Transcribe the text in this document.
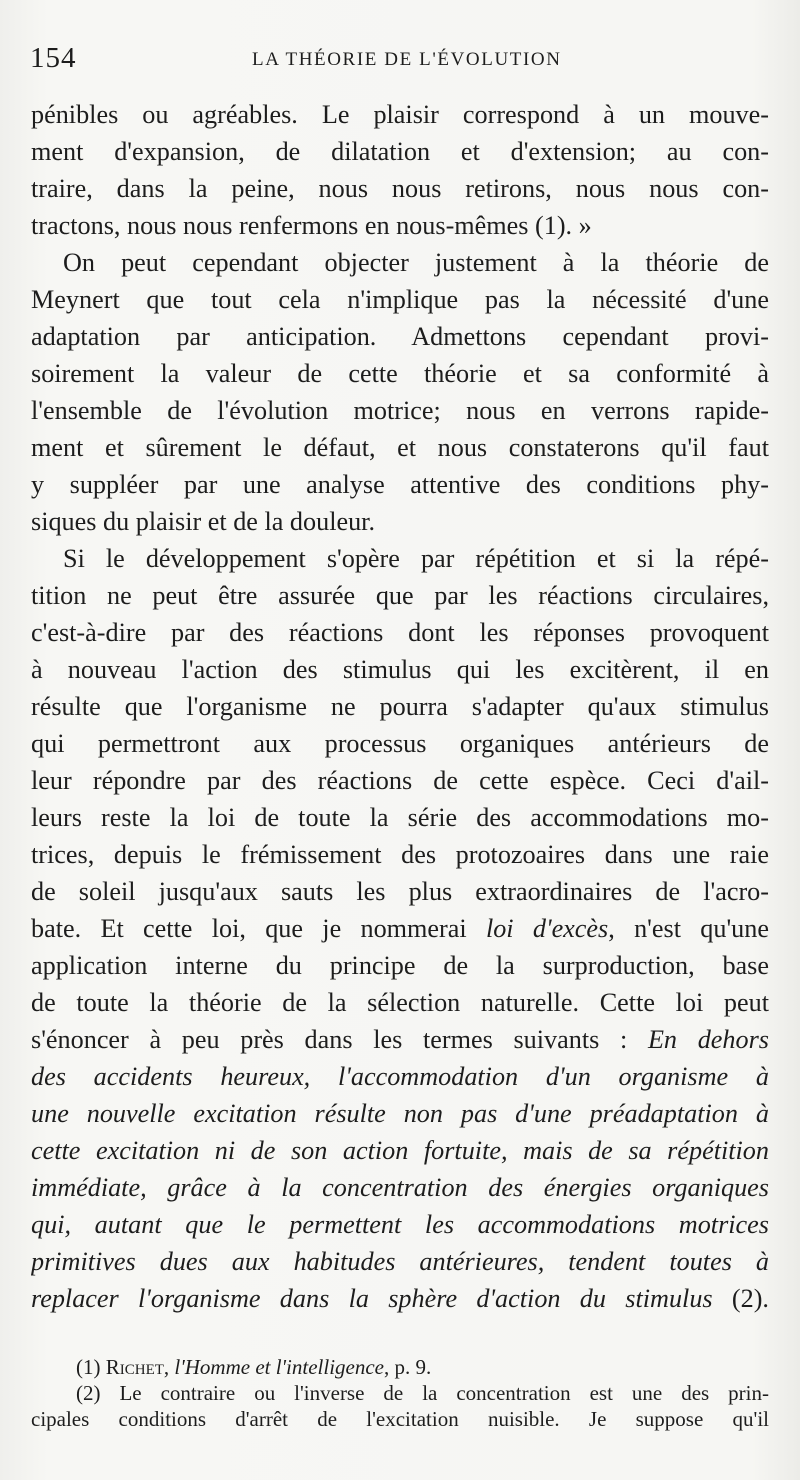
154	LA THÉORIE DE L'ÉVOLUTION
pénibles ou agréables. Le plaisir correspond à un mouve-
ment d'expansion, de dilatation et d'extension; au con-
traire, dans la peine, nous nous retirons, nous nous con-
tractons, nous nous renfermons en nous-mêmes (1). »
On peut cependant objecter justement à la théorie de
Meynert que tout cela n'implique pas la nécessité d'une
adaptation par anticipation. Admettons cependant provi-
soirement la valeur de cette théorie et sa conformité à
l'ensemble de l'évolution motrice; nous en verrons rapide-
ment et sûrement le défaut, et nous constaterons qu'il faut
y suppléer par une analyse attentive des conditions phy-
siques du plaisir et de la douleur.
Si le développement s'opère par répétition et si la répé-
tition ne peut être assurée que par les réactions circulaires,
c'est-à-dire par des réactions dont les réponses provoquent
à nouveau l'action des stimulus qui les excitèrent, il en
résulte que l'organisme ne pourra s'adapter qu'aux stimulus
qui permettront aux processus organiques antérieurs de
leur répondre par des réactions de cette espèce. Ceci d'ail-
leurs reste la loi de toute la série des accommodations mo-
trices, depuis le frémissement des protozoaires dans une raie
de soleil jusqu'aux sauts les plus extraordinaires de l'acro-
bate. Et cette loi, que je nommerai loi d'excès, n'est qu'une
application interne du principe de la surproduction, base
de toute la théorie de la sélection naturelle. Cette loi peut
s'énoncer à peu près dans les termes suivants : En dehors
des accidents heureux, l'accommodation d'un organisme à
une nouvelle excitation résulte non pas d'une préadaptation à
cette excitation ni de son action fortuite, mais de sa répétition
immédiate, grâce à la concentration des énergies organiques
qui, autant que le permettent les accommodations motrices
primitives dues aux habitudes antérieures, tendent toutes à
replacer l'organisme dans la sphère d'action du stimulus (2).
(1) Richet, l'Homme et l'intelligence, p. 9.
(2) Le contraire ou l'inverse de la concentration est une des prin-
cipales conditions d'arrêt de l'excitation nuisible. Je suppose qu'il
